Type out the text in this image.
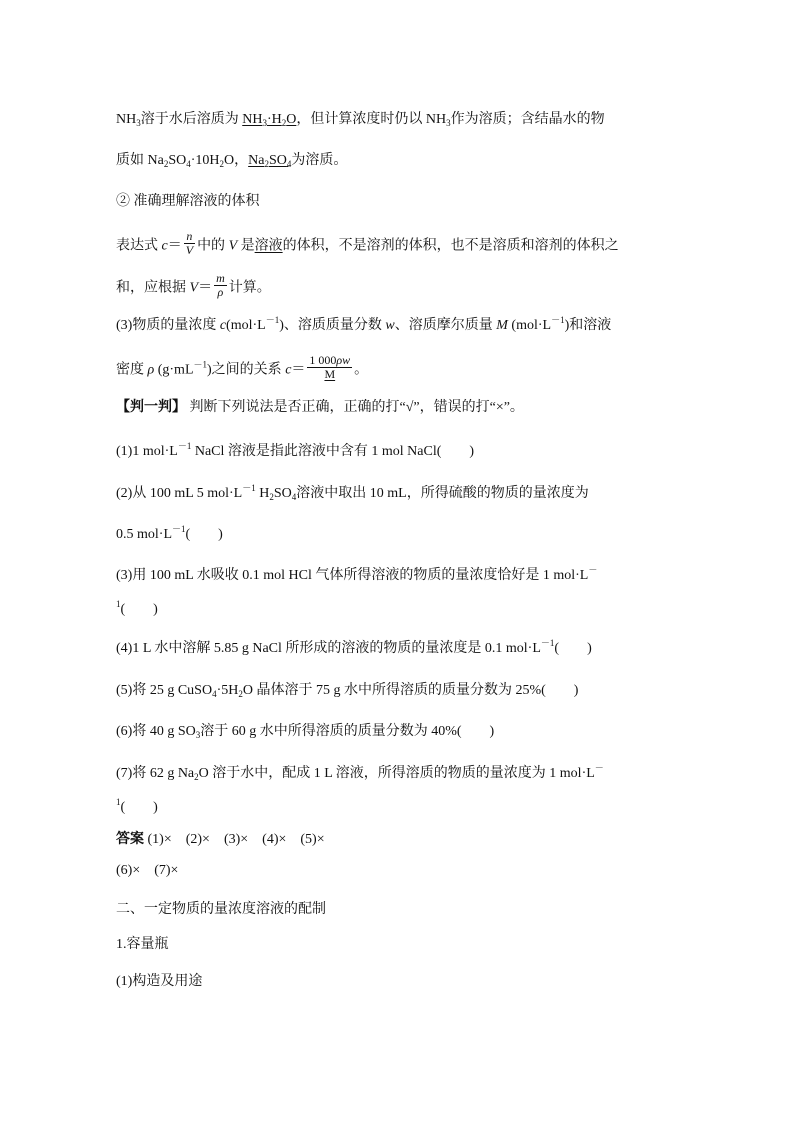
$NH_3$溶于水后溶质为 $NH_3\cdot H_2O$，但计算浓度时仍以 $NH_3$作为溶质；含结晶水的物
质如 $Na_2SO_4\cdot 10H_2O$，$Na_2SO_4$为溶质。
② 准确理解溶液的体积
表达式 $c= \frac{n}{V}$ 中的 V 是溶液的体积，不是溶剂的体积，也不是溶质和溶剂的体积之
和，应根据 $V= \frac{m}{\rho}$ 计算。
(3)物质的量浓度 $c(mol\cdot L^{-1})$、溶质质量分数 w、溶质摩尔质量 M $(mol\cdot L^{-1})$和溶液
密度 ρ $(g\cdot mL^{-1})$之间的关系 $c= \frac{1 000\rho w}{M}$ 。
【判一判】 判断下列说法是否正确，正确的打“√”，错误的打“×”。
(1)1 $mol\cdot L^{-1}$ NaCl 溶液是指此溶液中含有 1 mol NaCl(　　)
(2)从 100 mL 5 $mol\cdot L^{-1}$ $H_2SO_4$溶液中取出 10 mL，所得硫酸的物质的量浓度为
0.5 $mol\cdot L^{-1}$(　　)
(3)用 100 mL 水吸收 0.1 mol HCl 气体所得溶液的物质的量浓度恰好是 1 mol·L－
$^1$(　　)
(4)1 L 水中溶解 5.85 g NaCl 所形成的溶液的物质的量浓度是 0.1 $mol\cdot L^{-1}$(　　)
(5)将 25 g $CuSO_4\cdot 5H_2O$ 晶体溶于 75 g 水中所得溶质的质量分数为 25%(　　)
(6)将 40 g $SO_3$溶于 60 g 水中所得溶质的质量分数为 40%(　　)
(7)将 62 g $Na_2O$ 溶于水中，配成 1 L 溶液，所得溶质的物质的量浓度为 1 mol·L－
$^1$(　　)
答案 (1)×　(2)×　(3)×　(4)×　(5)×
(6)×　(7)×
二、一定物质的量浓度溶液的配制
1.容量瓶
(1)构造及用途
